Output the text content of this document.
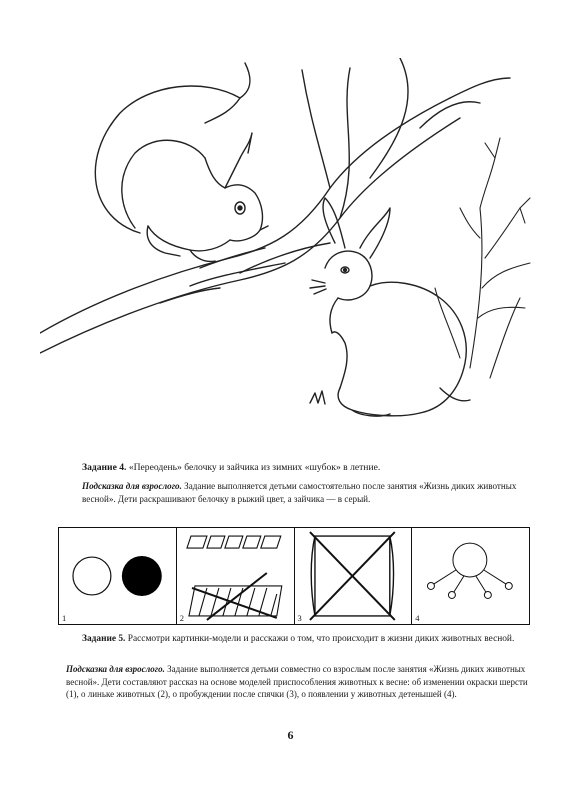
Задание 4. «Переодень» белочку и зайчика из зимних «шубок» в летние.
Подсказка для взрослого. Задание выполняется детьми самостоятельно после занятия «Жизнь диких животных весной». Дети раскрашивают белочку в рыжий цвет, а зайчика — в серый.
1	2	3	4
Задание 5. Рассмотри картинки-модели и расскажи о том, что происходит в жизни диких животных весной.
Подсказка для взрослого. Задание выполняется детьми совместно со взрослым после занятия «Жизнь диких животных весной». Дети составляют рассказ на основе моделей приспособления животных к весне: об изменении окраски шерсти (1), о линьке животных (2), о пробуждении после спячки (3), о появлении у животных детенышей (4).
6
